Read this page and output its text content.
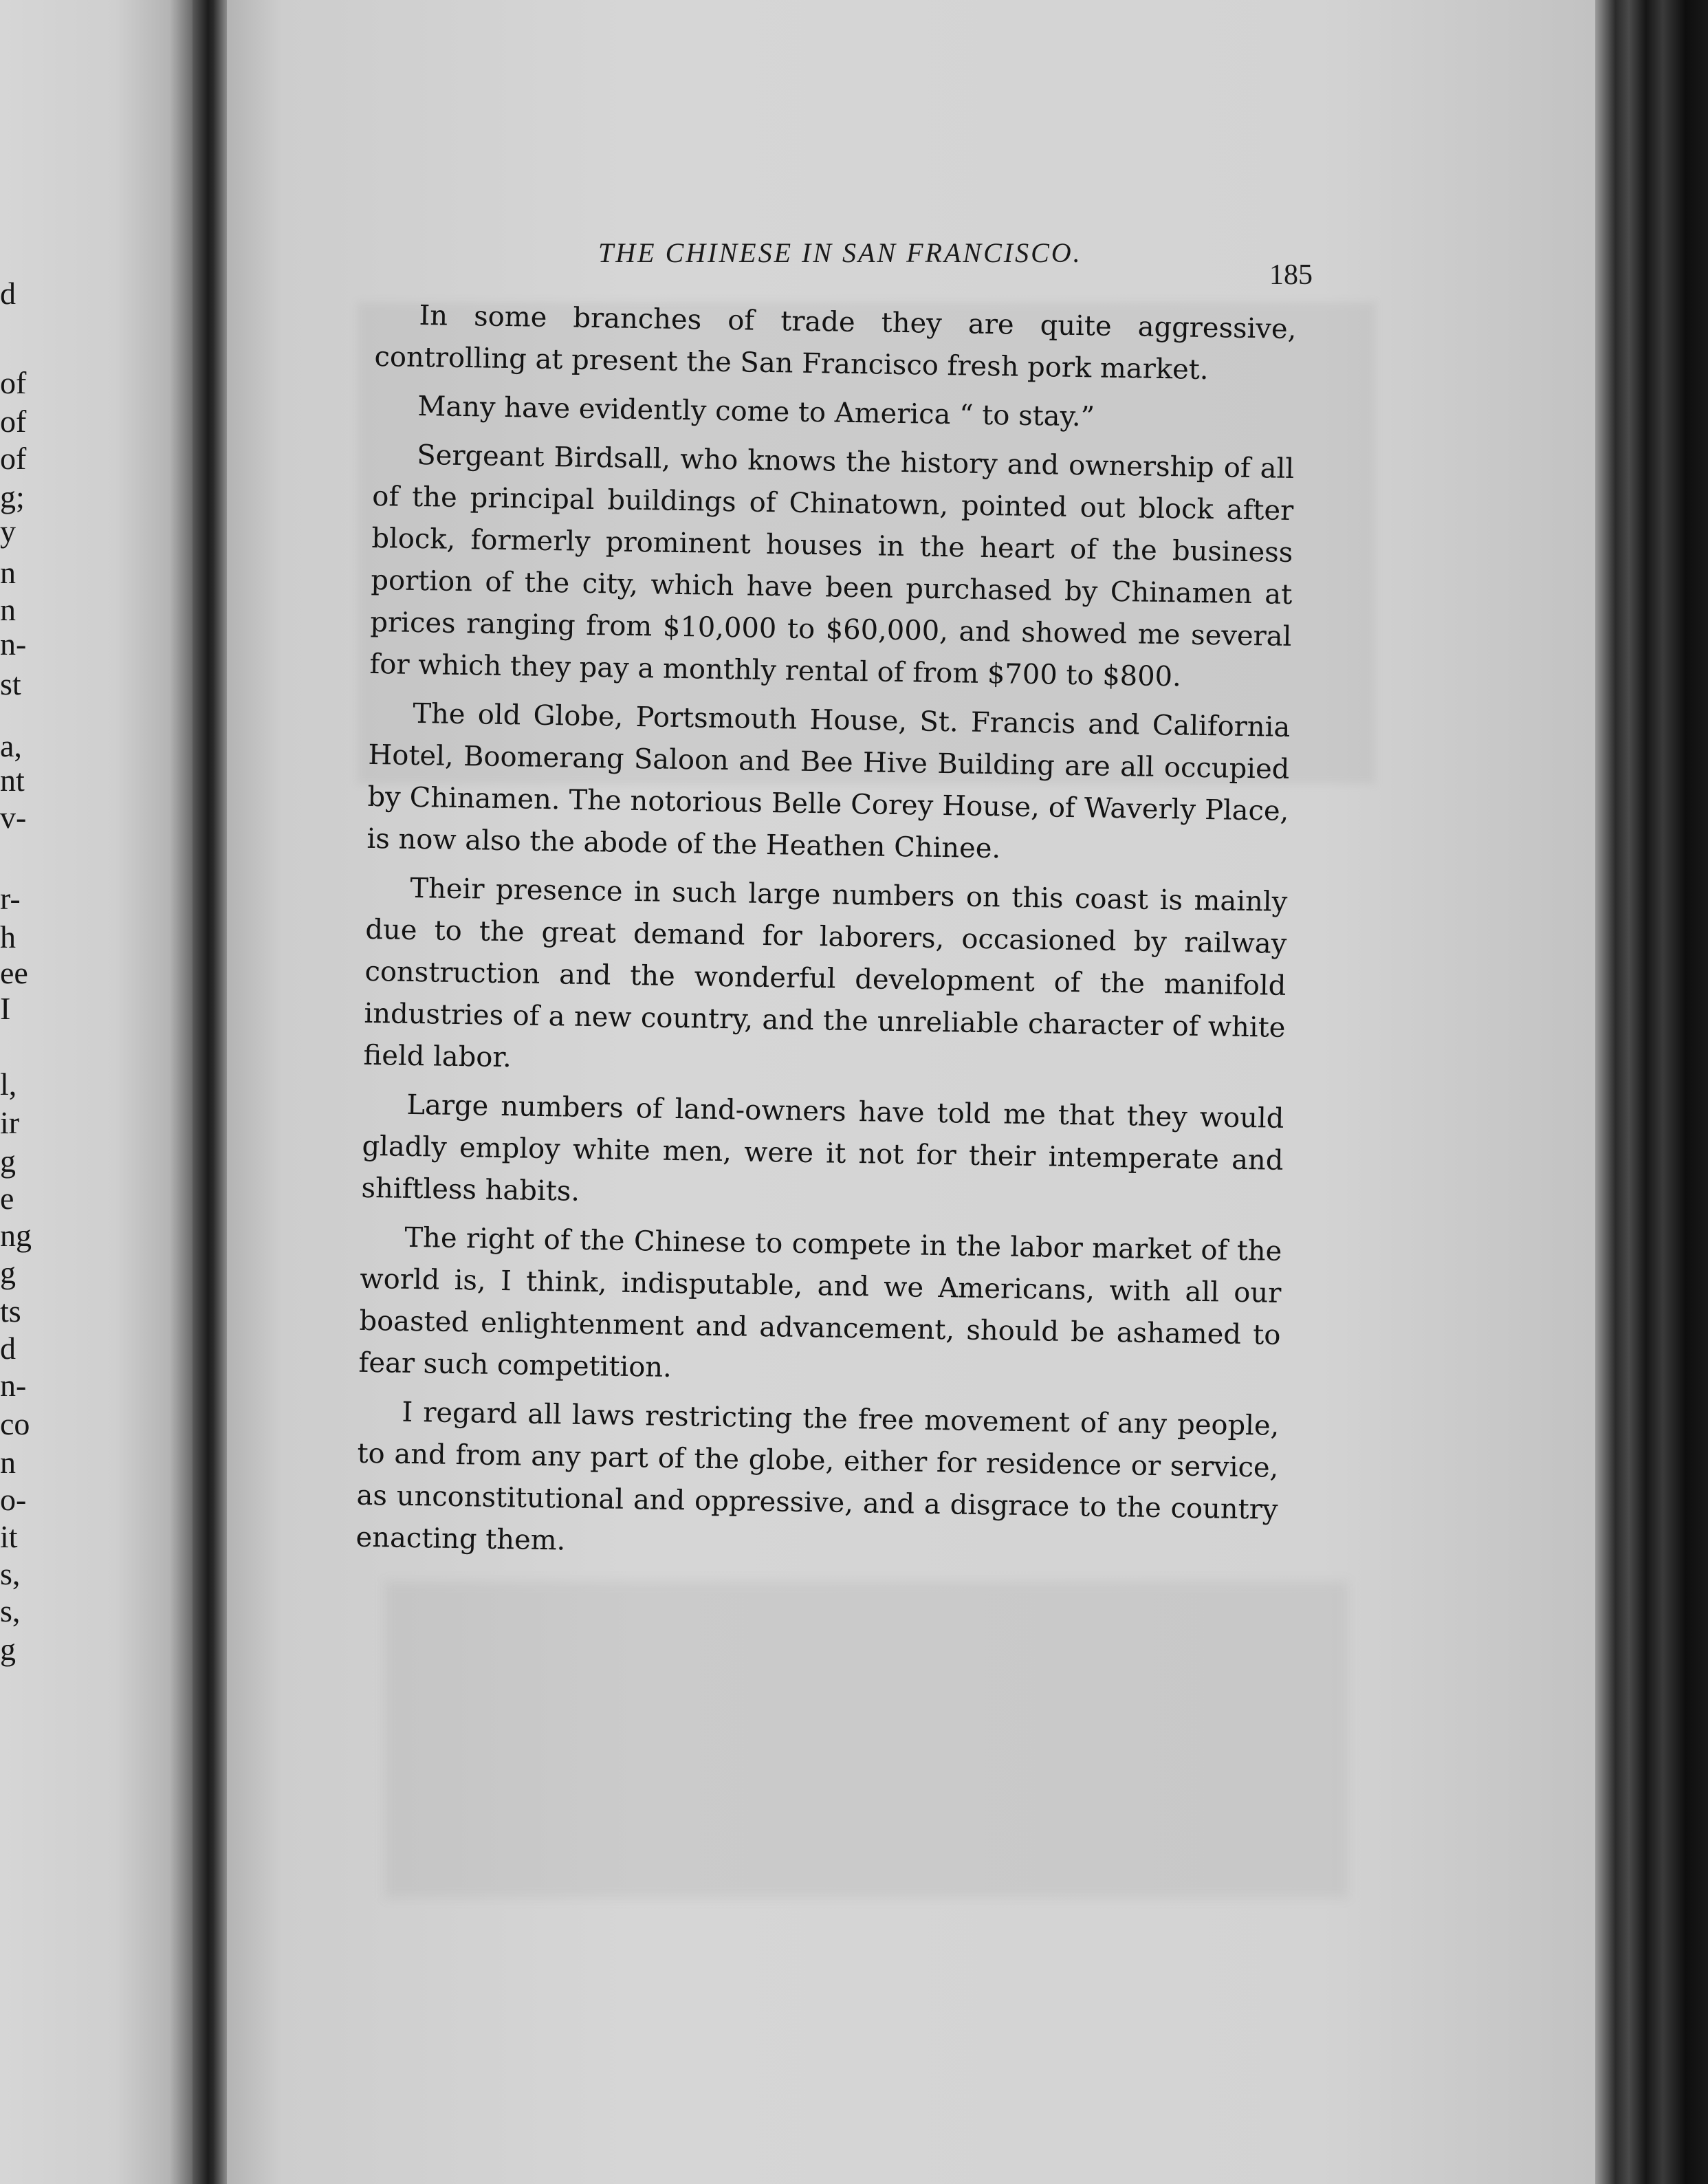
d
of
of
of
g;
y
n
n
n-
st
a,
nt
v-
r-
h
ee
I
l,
ir
g
e
ng
g
ts
d
n-
co
n
o-
it
s,
s,
g
THE CHINESE IN SAN FRANCISCO.
185

In some branches of trade they are quite aggressive, controlling at present the San Francisco fresh pork market.

Many have evidently come to America “ to stay.”

Sergeant Birdsall, who knows the history and ownership of all of the principal buildings of Chinatown, pointed out block after block, formerly prominent houses in the heart of the business portion of the city, which have been purchased by Chinamen at prices ranging from $10,000 to $60,000, and showed me several for which they pay a monthly rental of from $700 to $800.

The old Globe, Portsmouth House, St. Francis and California Hotel, Boomerang Saloon and Bee Hive Building are all occupied by Chinamen. The notorious Belle Corey House, of Waverly Place, is now also the abode of the Heathen Chinee.

Their presence in such large numbers on this coast is mainly due to the great demand for laborers, occasioned by railway construction and the wonderful development of the manifold industries of a new country, and the unreliable character of white field labor.

Large numbers of land-owners have told me that they would gladly employ white men, were it not for their intemperate and shiftless habits.

The right of the Chinese to compete in the labor market of the world is, I think, indisputable, and we Americans, with all our boasted enlightenment and advancement, should be ashamed to fear such competition.

I regard all laws restricting the free movement of any people, to and from any part of the globe, either for residence or service, as unconstitutional and oppressive, and a disgrace to the country enacting them.
